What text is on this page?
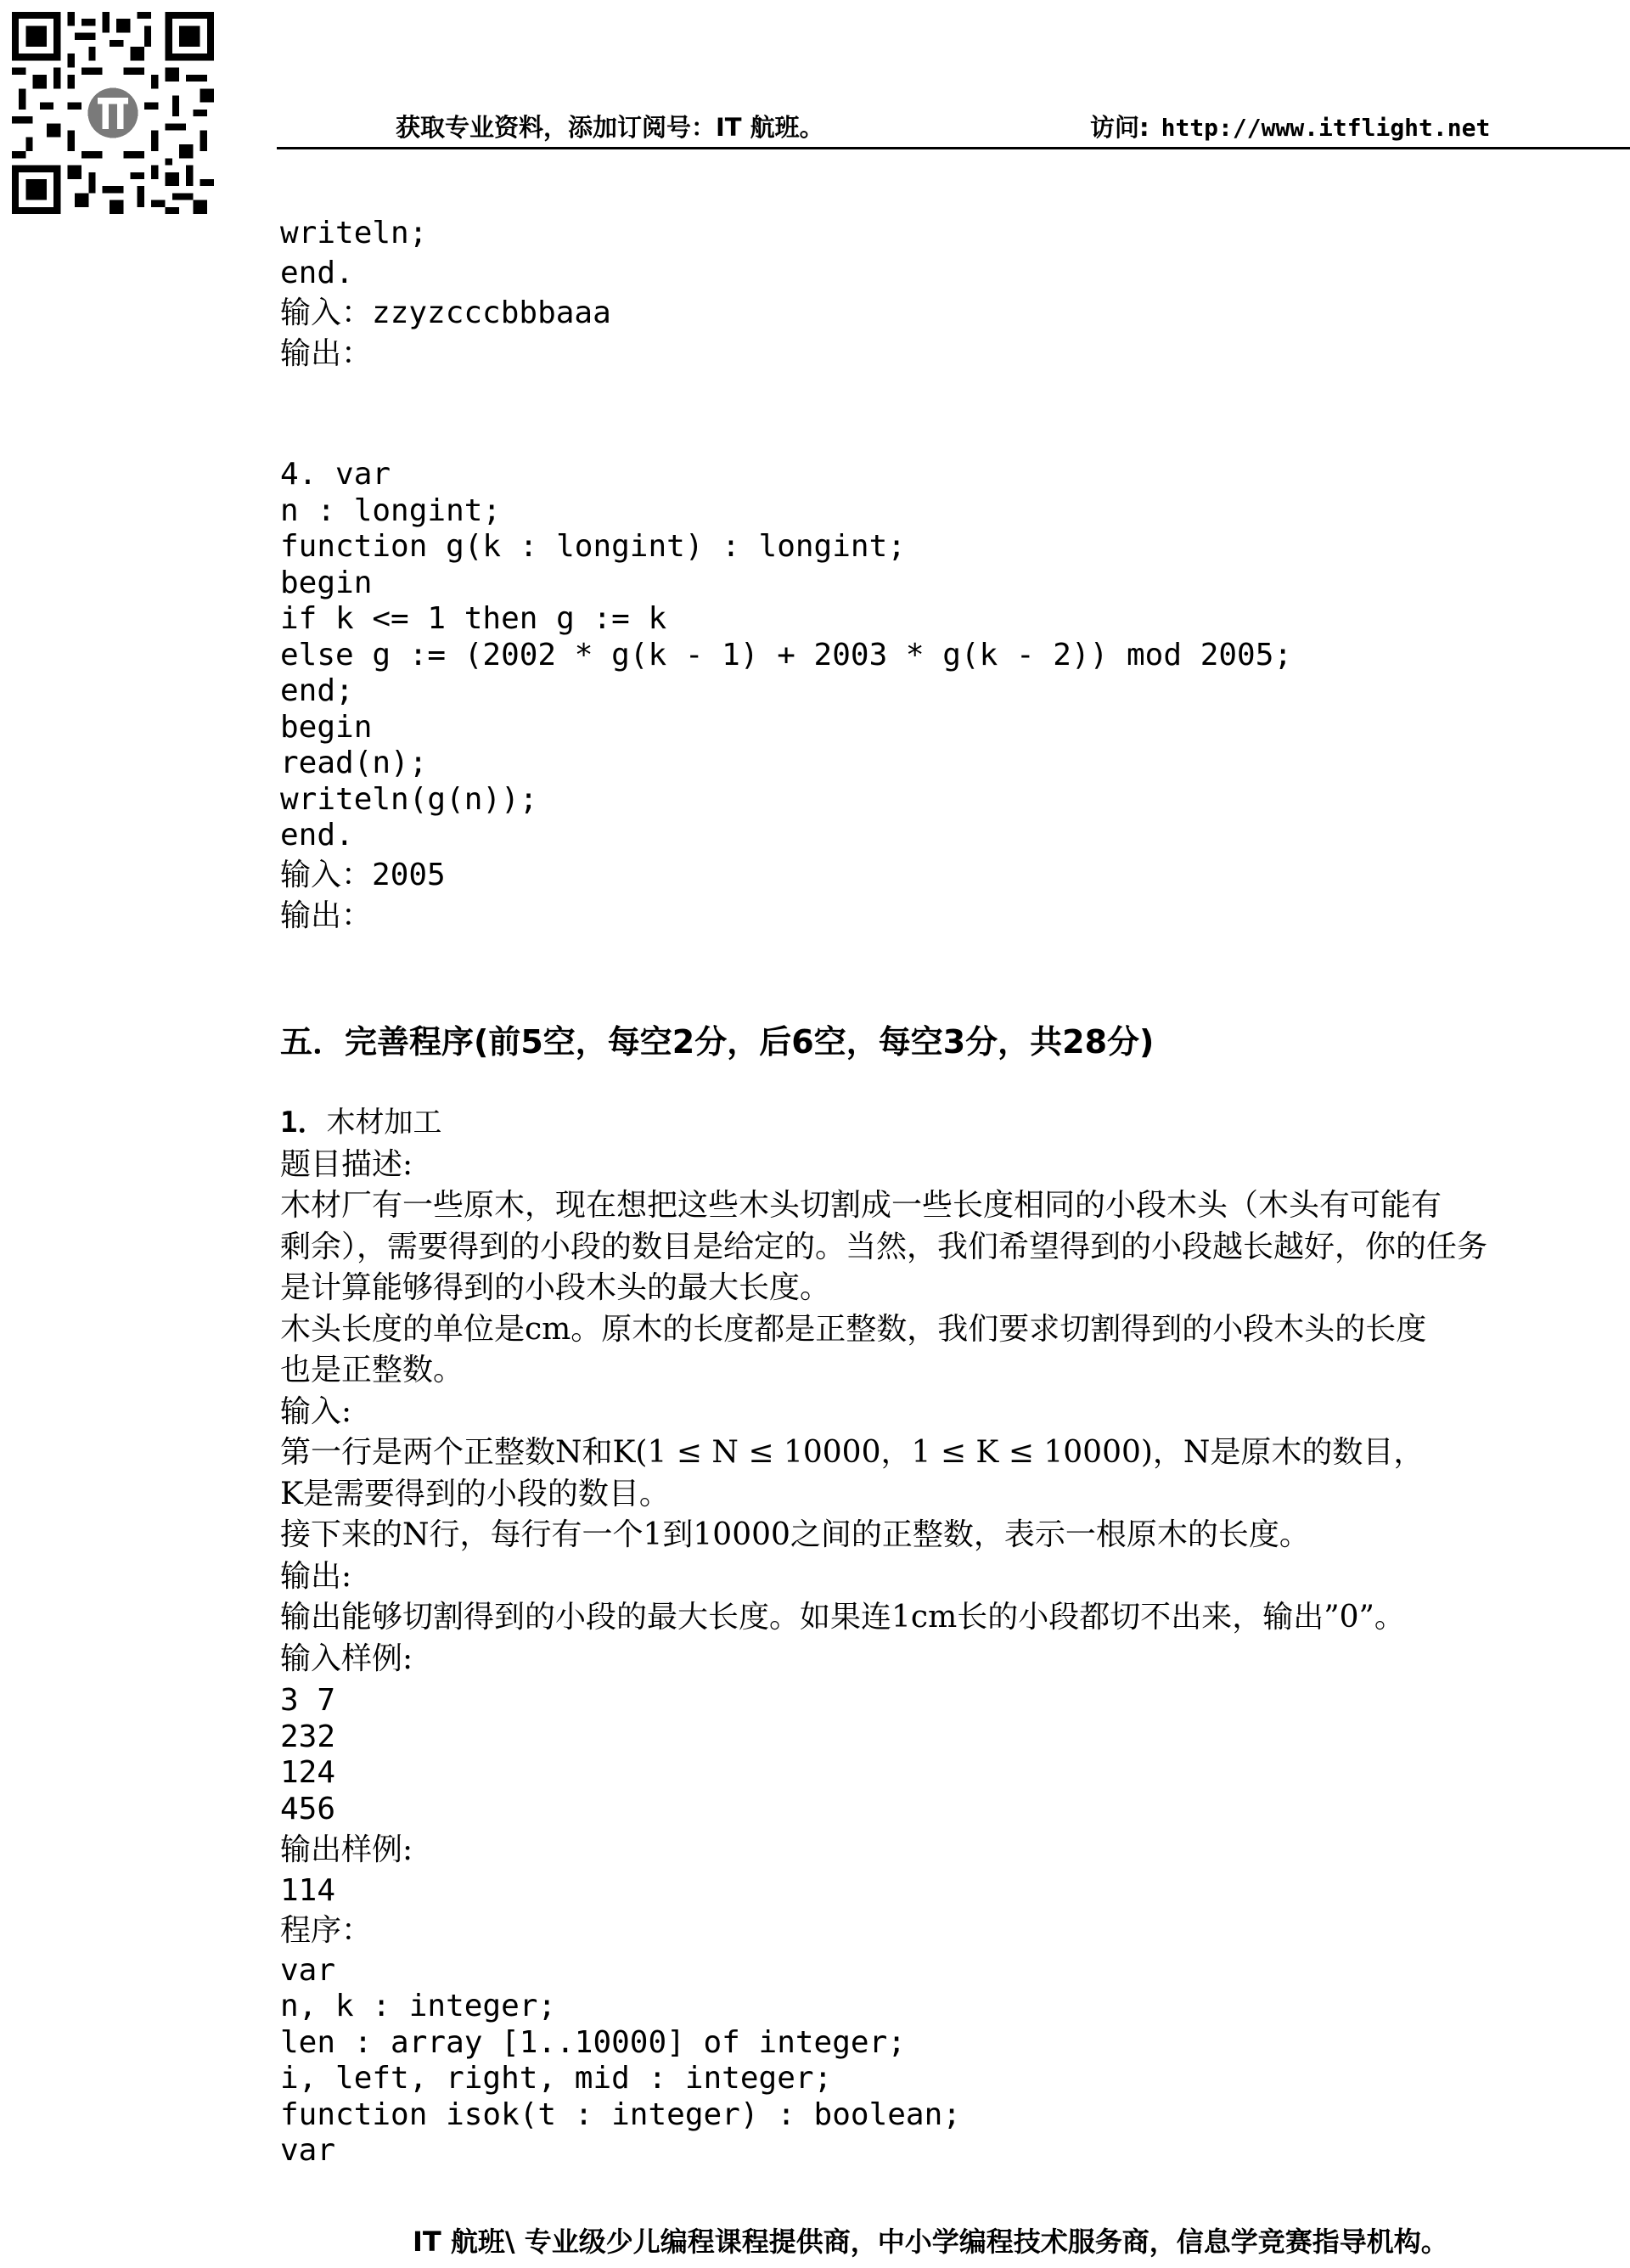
获取专业资料，添加订阅号：IT 航班。	访问: http://www.itflight.net
writeln;
end.
输入：zzyzcccbbbaaa
输出：
4. var
n : longint;
function g(k : longint) : longint;
begin
if k <= 1 then g := k
else g := (2002 * g(k - 1) + 2003 * g(k - 2)) mod 2005;
end;
begin
read(n);
writeln(g(n));
end.
输入：2005
输出：
五．完善程序(前5空，每空2分，后6空，每空3分，共28分)
1．木材加工
题目描述:
木材厂有一些原木，现在想把这些木头切割成一些长度相同的小段木头（木头有可能有
剩余），需要得到的小段的数目是给定的。当然，我们希望得到的小段越长越好，你的任务
是计算能够得到的小段木头的最大长度。
木头长度的单位是cm。原木的长度都是正整数，我们要求切割得到的小段木头的长度
也是正整数。
输入:
第一行是两个正整数N和K(1 ≤ N ≤ 10000，1 ≤ K ≤ 10000)，N是原木的数目，
K是需要得到的小段的数目。
接下来的N行，每行有一个1到10000之间的正整数，表示一根原木的长度。
输出:
输出能够切割得到的小段的最大长度。如果连1cm长的小段都切不出来，输出”0”。
输入样例:
3 7
232
124
456
输出样例:
114
程序：
var
n, k : integer;
len : array [1..10000] of integer;
i, left, right, mid : integer;
function isok(t : integer) : boolean;
var
IT 航班\ 专业级少儿编程课程提供商，中小学编程技术服务商，信息学竞赛指导机构。
